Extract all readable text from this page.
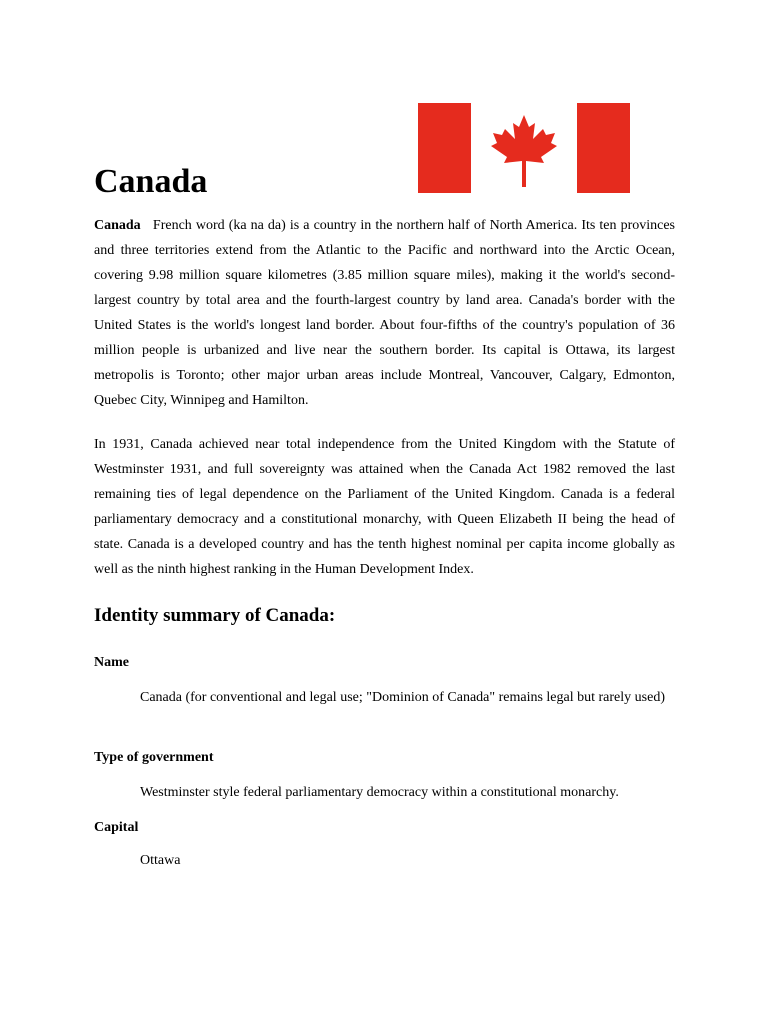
Canada

Canada French word (ka na da) is a country in the northern half of North America. Its ten provinces and three territories extend from the Atlantic to the Pacific and northward into the Arctic Ocean, covering 9.98 million square kilometres (3.85 million square miles), making it the world's second-largest country by total area and the fourth-largest country by land area. Canada's border with the United States is the world's longest land border. About four-fifths of the country's population of 36 million people is urbanized and live near the southern border. Its capital is Ottawa, its largest metropolis is Toronto; other major urban areas include Montreal, Vancouver, Calgary, Edmonton, Quebec City, Winnipeg and Hamilton.

In 1931, Canada achieved near total independence from the United Kingdom with the Statute of Westminster 1931, and full sovereignty was attained when the Canada Act 1982 removed the last remaining ties of legal dependence on the Parliament of the United Kingdom. Canada is a federal parliamentary democracy and a constitutional monarchy, with Queen Elizabeth II being the head of state. Canada is a developed country and has the tenth highest nominal per capita income globally as well as the ninth highest ranking in the Human Development Index.

Identity summary of Canada:

Name

Canada (for conventional and legal use; "Dominion of Canada" remains legal but rarely used)

Type of government

Westminster style federal parliamentary democracy within a constitutional monarchy.

Capital

Ottawa
